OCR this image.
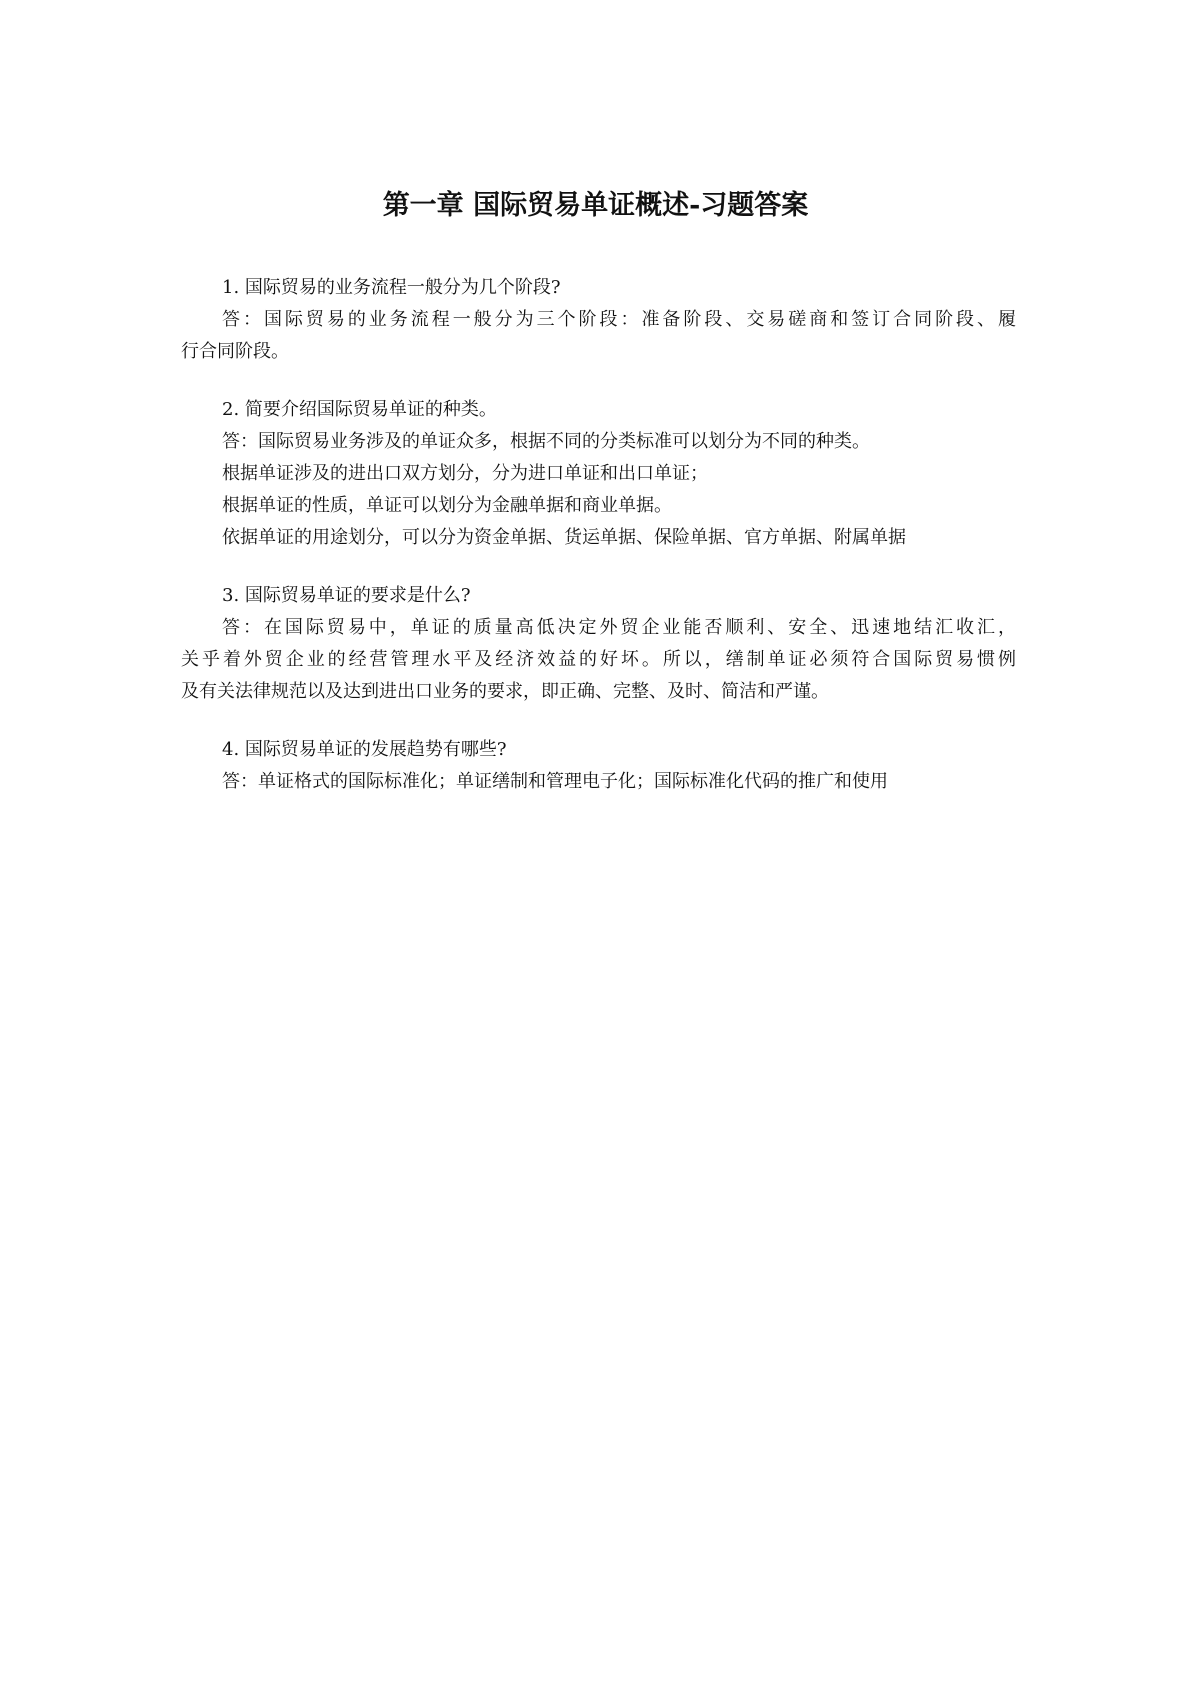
第一章 国际贸易单证概述-习题答案

1. 国际贸易的业务流程一般分为几个阶段?

答：国际贸易的业务流程一般分为三个阶段：准备阶段、交易磋商和签订合同阶段、履

行合同阶段。

2. 简要介绍国际贸易单证的种类。

答：国际贸易业务涉及的单证众多，根据不同的分类标准可以划分为不同的种类。

根据单证涉及的进出口双方划分，分为进口单证和出口单证；

根据单证的性质，单证可以划分为金融单据和商业单据。

依据单证的用途划分，可以分为资金单据、货运单据、保险单据、官方单据、附属单据

3. 国际贸易单证的要求是什么?

答：在国际贸易中，单证的质量高低决定外贸企业能否顺利、安全、迅速地结汇收汇，

关乎着外贸企业的经营管理水平及经济效益的好坏。所以，缮制单证必须符合国际贸易惯例

及有关法律规范以及达到进出口业务的要求，即正确、完整、及时、简洁和严谨。

4. 国际贸易单证的发展趋势有哪些?

答：单证格式的国际标准化；单证缮制和管理电子化；国际标准化代码的推广和使用
